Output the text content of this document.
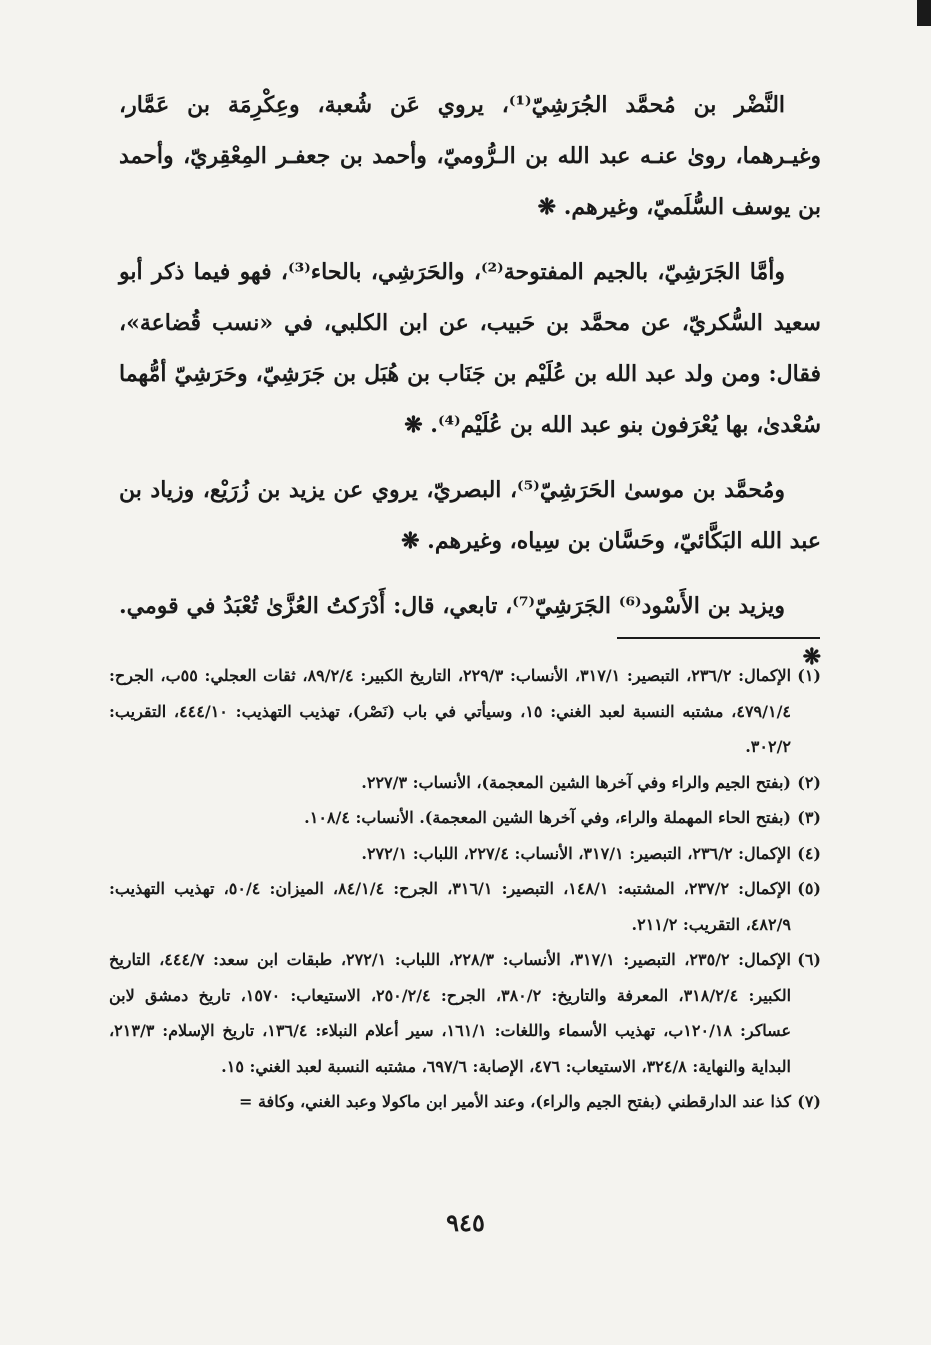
النَّضْر بن مُحمَّد الجُرَشِيّ⁽¹⁾، يروي عَن شُعبة، وعِكْرِمَة بن عَمَّار، وغيـرهما، روىٰ عنـه عبد الله بن الـرُّوميّ، وأحمد بن جعفـر المِعْقِريّ، وأحمد بن يوسف السُّلَميّ، وغيرهم. ❋

وأمَّا الجَرَشِيّ، بالجيم المفتوحة⁽²⁾، والحَرَشِي، بالحاء⁽³⁾، فهو فيما ذكر أبو سعيد السُّكريّ، عن محمَّد بن حَبيب، عن ابن الكلبي، في «نسب قُضاعة»، فقال: ومن ولد عبد الله بن عُلَيْم بن جَنَاب بن هُبَل بن جَرَشِيّ، وحَرَشِيّ أمُّهما سُعْدىٰ، بها يُعْرَفون بنو عبد الله بن عُلَيْم⁽⁴⁾. ❋

ومُحمَّد بن موسىٰ الحَرَشِيّ⁽⁵⁾، البصريّ، يروي عن يزيد بن زُرَيْع، وزياد بن عبد الله البَكَّائيّ، وحَسَّان بن سِياه، وغيرهم. ❋

ويزيد بن الأَسْود⁽⁶⁾ الجَرَشِيّ⁽⁷⁾، تابعي، قال: أَدْرَكتُ العُزَّىٰ تُعْبَدُ في قومي. ❋

(١)
الإكمال: ٢٣٦/٢، التبصير: ٣١٧/١، الأنساب: ٢٢٩/٣، التاريخ الكبير: ٨٩/٢/٤، ثقات العجلي: ٥٥ب، الجرح: ٤٧٩/١/٤، مشتبه النسبة لعبد الغني: ١٥، وسيأتي في باب (نَصْر)، تهذيب التهذيب: ٤٤٤/١٠، التقريب: ٣٠٢/٢.
(٢)
(بفتح الجيم والراء وفي آخرها الشين المعجمة)، الأنساب: ٢٢٧/٣.
(٣)
(بفتح الحاء المهملة والراء، وفي آخرها الشين المعجمة). الأنساب: ١٠٨/٤.
(٤)
الإكمال: ٢٣٦/٢، التبصير: ٣١٧/١، الأنساب: ٢٢٧/٤، اللباب: ٢٧٢/١.
(٥)
الإكمال: ٢٣٧/٢، المشتبه: ١٤٨/١، التبصير: ٣١٦/١، الجرح: ٨٤/١/٤، الميزان: ٥٠/٤، تهذيب التهذيب: ٤٨٢/٩، التقريب: ٢١١/٢.
(٦)
الإكمال: ٢٣٥/٢، التبصير: ٣١٧/١، الأنساب: ٢٢٨/٣، اللباب: ٢٧٢/١، طبقات ابن سعد: ٤٤٤/٧، التاريخ الكبير: ٣١٨/٢/٤، المعرفة والتاريخ: ٣٨٠/٢، الجرح: ٢٥٠/٢/٤، الاستيعاب: ١٥٧٠، تاريخ دمشق لابن عساكر: ١٢٠/١٨ب، تهذيب الأسماء واللغات: ١٦١/١، سير أعلام النبلاء: ١٣٦/٤، تاريخ الإسلام: ٢١٣/٣، البداية والنهاية: ٣٢٤/٨، الاستيعاب: ٤٧٦، الإصابة: ٦٩٧/٦، مشتبه النسبة لعبد الغني: ١٥.
(٧)
كذا عند الدارقطني (بفتح الجيم والراء)، وعند الأمير ابن ماكولا وعبد الغني، وكافة =
٩٤٥
